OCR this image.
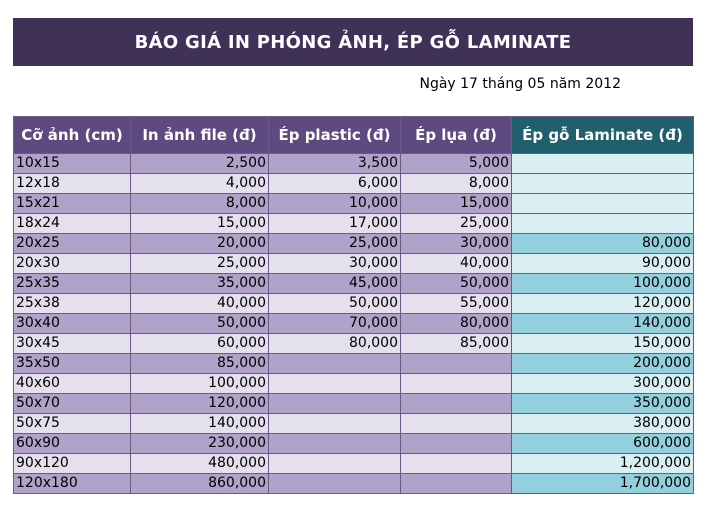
BÁO GIÁ IN PHÓNG ẢNH, ÉP GỖ LAMINATE
Ngày 17 tháng 05 năm 2012
Cỡ ảnh (cm)	In ảnh file (đ)	Ép plastic (đ)	Ép lụa (đ)	Ép gỗ Laminate (đ)
10x15	2,500	3,500	5,000	
12x18	4,000	6,000	8,000	
15x21	8,000	10,000	15,000	
18x24	15,000	17,000	25,000	
20x25	20,000	25,000	30,000	80,000
20x30	25,000	30,000	40,000	90,000
25x35	35,000	45,000	50,000	100,000
25x38	40,000	50,000	55,000	120,000
30x40	50,000	70,000	80,000	140,000
30x45	60,000	80,000	85,000	150,000
35x50	85,000			200,000
40x60	100,000			300,000
50x70	120,000			350,000
50x75	140,000			380,000
60x90	230,000			600,000
90x120	480,000			1,200,000
120x180	860,000			1,700,000
